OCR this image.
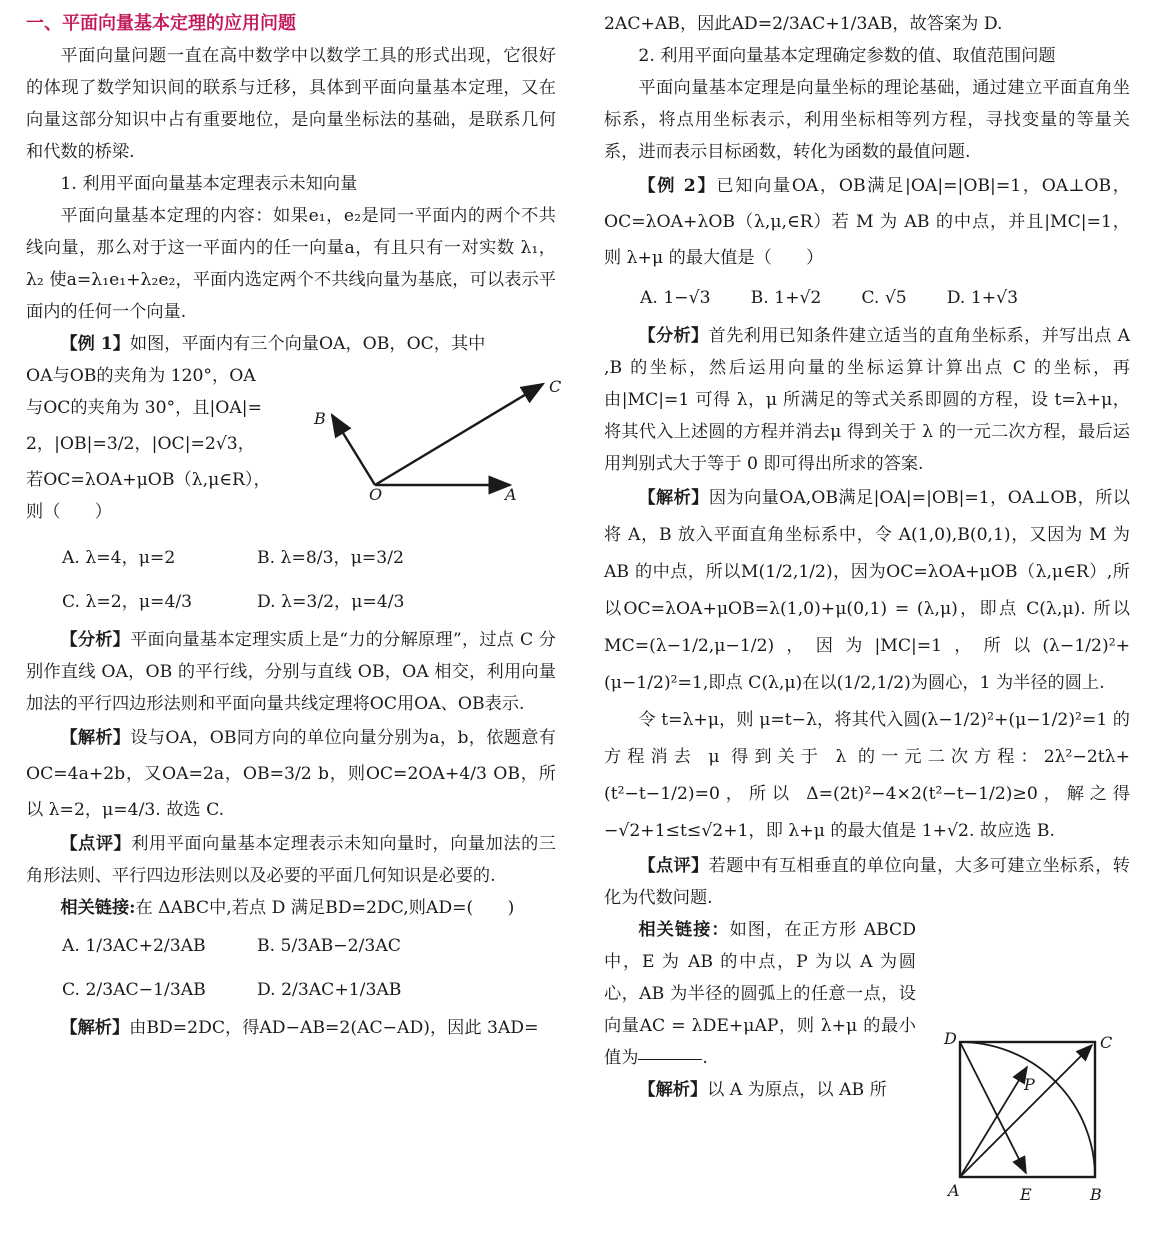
一、平面向量基本定理的应用问题

平面向量问题一直在高中数学中以数学工具的形式出现，它很好的体现了数学知识间的联系与迁移，具体到平面向量基本定理，又在向量这部分知识中占有重要地位，是向量坐标法的基础，是联系几何和代数的桥梁.

1. 利用平面向量基本定理表示未知向量

平面向量基本定理的内容：如果e₁，e₂是同一平面内的两个不共线向量，那么对于这一平面内的任一向量a，有且只有一对实数 λ₁，λ₂ 使a=λ₁e₁+λ₂e₂，平面内选定两个不共线向量为基底，可以表示平面内的任何一个向量.

【例 1】如图，平面内有三个向量OA，OB，OC，其中

OA与OB的夹角为 120°，OA

与OC的夹角为 30°，且|OA|=

2，|OB|=3/2，|OC|=2√3，

若OC=λOA+μOB（λ,μ∈R），

则（　　）

A. λ=4，μ=2	B. λ=8/3，μ=3/2
C. λ=2，μ=4/3	D. λ=3/2，μ=4/3

【分析】平面向量基本定理实质上是“力的分解原理”，过点 C 分别作直线 OA，OB 的平行线，分别与直线 OB，OA 相交，利用向量加法的平行四边形法则和平面向量共线定理将OC用OA、OB表示.

【解析】设与OA，OB同方向的单位向量分别为a，b，依题意有OC=4a+2b，又OA=2a，OB=3/2 b，则OC=2OA+4/3 OB，所以 λ=2，μ=4/3. 故选 C.

【点评】利用平面向量基本定理表示未知向量时，向量加法的三角形法则、平行四边形法则以及必要的平面几何知识是必要的.

相关链接:在 ΔABC中,若点 D 满足BD=2DC,则AD=(　　)

A. 1/3AC+2/3AB	B. 5/3AB−2/3AC
C. 2/3AC−1/3AB	D. 2/3AC+1/3AB

【解析】由BD=2DC，得AD−AB=2(AC−AD)，因此 3AD=

C
B
O	A

2AC+AB，因此AD=2/3AC+1/3AB，故答案为 D.

2. 利用平面向量基本定理确定参数的值、取值范围问题

平面向量基本定理是向量坐标的理论基础，通过建立平面直角坐标系，将点用坐标表示，利用坐标相等列方程，寻找变量的等量关系，进而表示目标函数，转化为函数的最值问题.

【例 2】已知向量OA，OB满足|OA|=|OB|=1，OA⊥OB，OC=λOA+λOB（λ,μ,∈R）若 M 为 AB 的中点，并且|MC|=1，则 λ+μ 的最大值是（　　）

A. 1−√3 B. 1+√2 C. √5 D. 1+√3

【分析】首先利用已知条件建立适当的直角坐标系，并写出点 A ,B 的坐标，然后运用向量的坐标运算计算出点 C 的坐标，再由|MC|=1 可得 λ，μ 所满足的等式关系即圆的方程，设 t=λ+μ，将其代入上述圆的方程并消去μ 得到关于 λ 的一元二次方程，最后运用判别式大于等于 0 即可得出所求的答案.

【解析】因为向量OA,OB满足|OA|=|OB|=1，OA⊥OB，所以将 A，B 放入平面直角坐标系中，令 A(1,0),B(0,1)，又因为 M 为 AB 的中点，所以M(1/2,1/2)，因为OC=λOA+μOB（λ,μ∈R）,所以OC=λOA+μOB=λ(1,0)+μ(0,1) = (λ,μ)，即点 C(λ,μ). 所以MC=(λ−1/2,μ−1/2)，因为|MC|=1，所以(λ−1/2)²+(μ−1/2)²=1,即点 C(λ,μ)在以(1/2,1/2)为圆心，1 为半径的圆上.

令 t=λ+μ，则 μ=t−λ，将其代入圆(λ−1/2)²+(μ−1/2)²=1 的方程消去 μ 得到关于 λ 的一元二次方程：2λ²−2tλ+(t²−t−1/2)=0，所以 Δ=(2t)²−4×2(t²−t−1/2)≥0，解之得−√2+1≤t≤√2+1，即 λ+μ 的最大值是 1+√2. 故应选 B.

【点评】若题中有互相垂直的单位向量，大多可建立坐标系，转化为代数问题.

相关链接：如图，在正方形 ABCD 中，E 为 AB 的中点，P 为以 A 为圆心，AB 为半径的圆弧上的任意一点，设向量AC = λDE+μAP，则 λ+μ 的最小值为	.

【解析】以 A 为原点，以 AB 所

D	C
P
A	E	B
